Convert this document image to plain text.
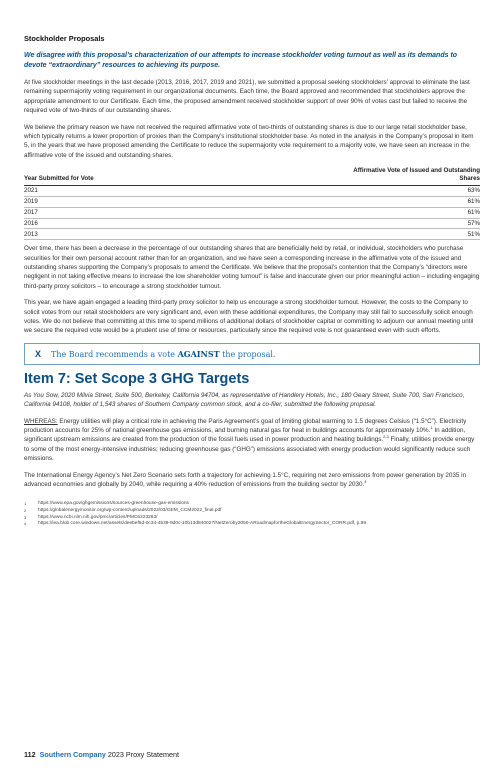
Stockholder Proposals
We disagree with this proposal’s characterization of our attempts to increase stockholder voting turnout as well as its demands to devote “extraordinary” resources to achieving its purpose.

At five stockholder meetings in the last decade (2013, 2016, 2017, 2019 and 2021), we submitted a proposal seeking stockholders’ approval to eliminate the last remaining supermajority voting requirement in our organizational documents. Each time, the Board approved and recommended that stockholders approve the appropriate amendment to our Certificate. Each time, the proposed amendment received stockholder support of over 90% of votes cast but failed to receive the required vote of two-thirds of our outstanding shares.

We believe the primary reason we have not received the required affirmative vote of two-thirds of outstanding shares is due to our large retail stockholder base, which typically returns a lower proportion of proxies than the Company’s institutional stockholder base. As noted in the analysis in the Company’s proposal in Item 5, in the years that we have proposed amending the Certificate to reduce the supermajority vote requirement to a majority vote, we have seen an increase in the affirmative vote of the issued and outstanding shares.

Year Submitted for Vote	Affirmative Vote of Issued and Outstanding Shares
2021	63%
2019	61%
2017	61%
2016	57%
2013	51%

Over time, there has been a decrease in the percentage of our outstanding shares that are beneficially held by retail, or individual, stockholders who purchase securities for their own personal account rather than for an organization, and we have seen a corresponding increase in the affirmative vote of the issued and outstanding shares supporting the Company’s proposals to amend the Certificate. We believe that the proposal’s contention that the Company’s “directors were negligent in not taking effective means to increase the low shareholder voting turnout” is false and inaccurate given our prior meaningful action – including engaging third-party proxy solicitors – to encourage a strong stockholder turnout.

This year, we have again engaged a leading third-party proxy solicitor to help us encourage a strong stockholder turnout. However, the costs to the Company to solicit votes from our retail stockholders are very significant and, even with these additional expenditures, the Company may still fail to successfully solicit enough votes. We do not believe that committing at this time to spend millions of additional dollars of stockholder capital or committing to adjourn our annual meeting until we secure the required vote would be a prudent use of time or resources, particularly since the required vote is not guaranteed even with such efforts.

X The Board recommends a vote AGAINST the proposal.
Item 7: Set Scope 3 GHG Targets

As You Sow, 2020 Milvia Street, Suite 500, Berkeley, California 94704, as representative of Handlery Hotels, Inc., 180 Geary Street, Suite 700, San Francisco, California 94108, holder of 1,543 shares of Southern Company common stock, and a co-filer, submitted the following proposal.

WHEREAS: Energy utilities will play a critical role in achieving the Paris Agreement’s goal of limiting global warming to 1.5 degrees Celsius (“1.5°C”). Electricity production accounts for 25% of national greenhouse gas emissions, and burning natural gas for heat in buildings accounts for approximately 10%.$^1$ In addition, significant upstream emissions are created from the production of the fossil fuels used in power production and heating buildings.$^{2,3}$ Finally, utilities provide energy to some of the most energy-intensive industries; reducing greenhouse gas (“GHG”) emissions associated with energy production would significantly reduce such emissions.

The International Energy Agency’s Net Zero Scenario sets forth a trajectory for achieving 1.5°C, requiring net zero emissions from power generation by 2035 in advanced economies and globally by 2040, while requiring a 40% reduction of emissions from the building sector by 2030.$^4$

1	https://www.epa.gov/ghgemissions/sources-greenhouse-gas-emissions
2	https://globalenergymonitor.org/wp-content/uploads/2022/03/GEM_CCM2022_final.pdf
3	https://www.ncbi.nlm.nih.gov/pmc/articles/PMC6223263/
4	https://iea.blob.core.windows.net/assets/deebef5d-0c34-4539-9d0c-10b13d840027/NetZeroby2050-ARoadmapfortheGlobalEnergySector_CORR.pdf, p.99
112 Southern Company 2023 Proxy Statement
